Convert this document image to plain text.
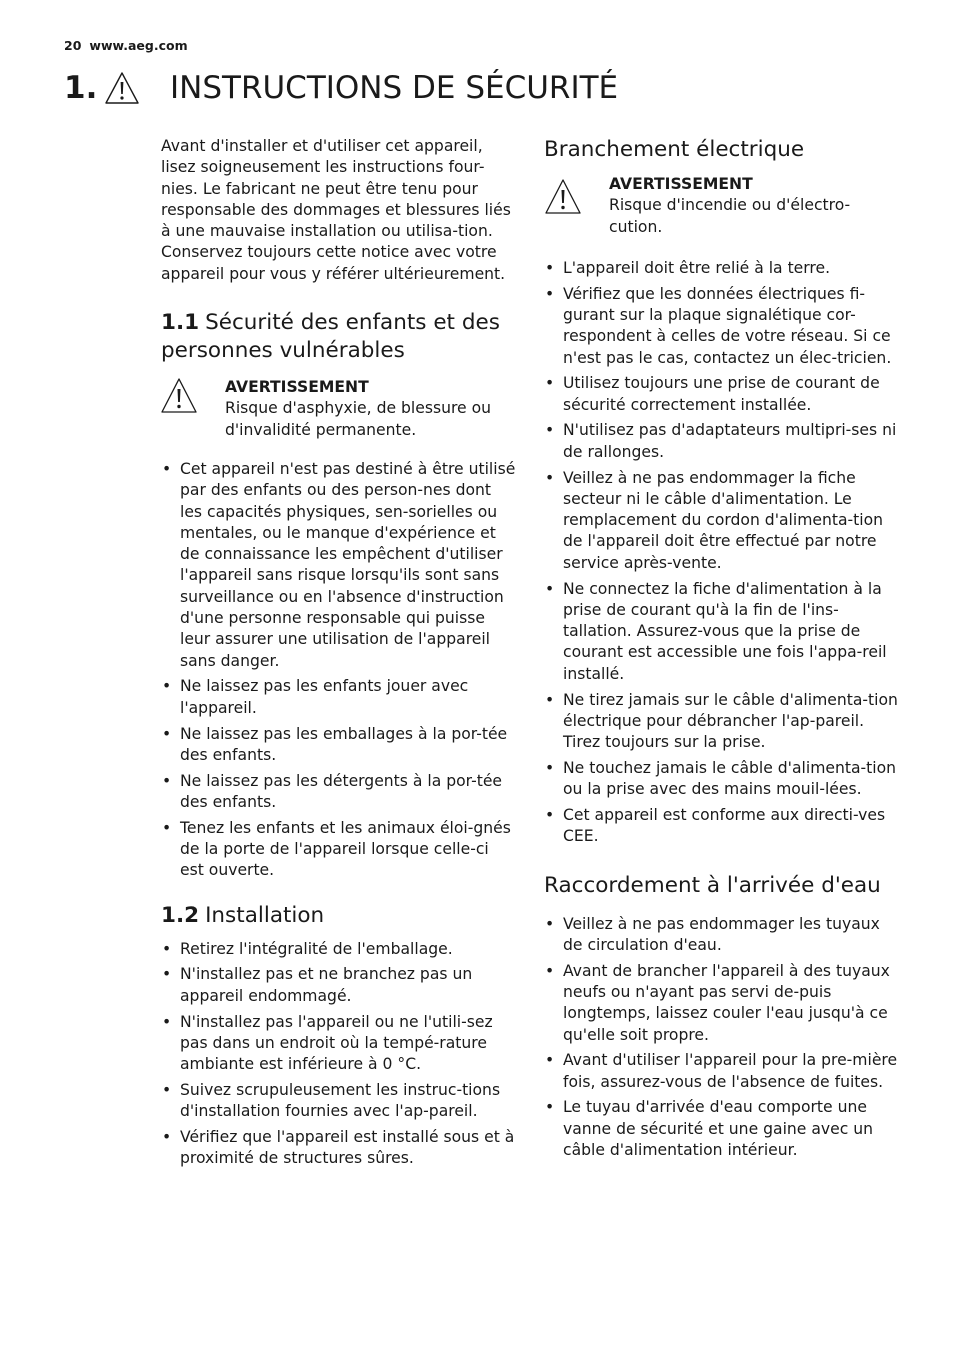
20 www.aeg.com
1. INSTRUCTIONS DE SÉCURITÉ

Avant d'installer et d'utiliser cet appareil, lisez soigneusement les instructions four-nies. Le fabricant ne peut être tenu pour responsable des dommages et blessures liés à une mauvaise installation ou utilisa-tion. Conservez toujours cette notice avec votre appareil pour vous y référer ultérieurement.

1.1 Sécurité des enfants et des personnes vulnérables
AVERTISSEMENT
Risque d'asphyxie, de blessure ou d'invalidité permanente.
• Cet appareil n'est pas destiné à être utilisé par des enfants ou des person-nes dont les capacités physiques, sen-sorielles ou mentales, ou le manque d'expérience et de connaissance les empêchent d'utiliser l'appareil sans risque lorsqu'ils sont sans surveillance ou en l'absence d'instruction d'une personne responsable qui puisse leur assurer une utilisation de l'appareil sans danger.
• Ne laissez pas les enfants jouer avec l'appareil.
• Ne laissez pas les emballages à la por-tée des enfants.
• Ne laissez pas les détergents à la por-tée des enfants.
• Tenez les enfants et les animaux éloi-gnés de la porte de l'appareil lorsque celle-ci est ouverte.
1.2 Installation
• Retirez l'intégralité de l'emballage.
• N'installez pas et ne branchez pas un appareil endommagé.
• N'installez pas l'appareil ou ne l'utili-sez pas dans un endroit où la tempé-rature ambiante est inférieure à 0 °C.
• Suivez scrupuleusement les instruc-tions d'installation fournies avec l'ap-pareil.
• Vérifiez que l'appareil est installé sous et à proximité de structures sûres.
Branchement électrique
AVERTISSEMENT
Risque d'incendie ou d'électro-cution.
• L'appareil doit être relié à la terre.
• Vérifiez que les données électriques fi-gurant sur la plaque signalétique cor-respondent à celles de votre réseau. Si ce n'est pas le cas, contactez un élec-tricien.
• Utilisez toujours une prise de courant de sécurité correctement installée.
• N'utilisez pas d'adaptateurs multipri-ses ni de rallonges.
• Veillez à ne pas endommager la fiche secteur ni le câble d'alimentation. Le remplacement du cordon d'alimenta-tion de l'appareil doit être effectué par notre service après-vente.
• Ne connectez la fiche d'alimentation à la prise de courant qu'à la fin de l'ins-tallation. Assurez-vous que la prise de courant est accessible une fois l'appa-reil installé.
• Ne tirez jamais sur le câble d'alimenta-tion électrique pour débrancher l'ap-pareil. Tirez toujours sur la prise.
• Ne touchez jamais le câble d'alimenta-tion ou la prise avec des mains mouil-lées.
• Cet appareil est conforme aux directi-ves CEE.
Raccordement à l'arrivée d'eau
• Veillez à ne pas endommager les tuyaux de circulation d'eau.
• Avant de brancher l'appareil à des tuyaux neufs ou n'ayant pas servi de-puis longtemps, laissez couler l'eau jusqu'à ce qu'elle soit propre.
• Avant d'utiliser l'appareil pour la pre-mière fois, assurez-vous de l'absence de fuites.
• Le tuyau d'arrivée d'eau comporte une vanne de sécurité et une gaine avec un câble d'alimentation intérieur.
